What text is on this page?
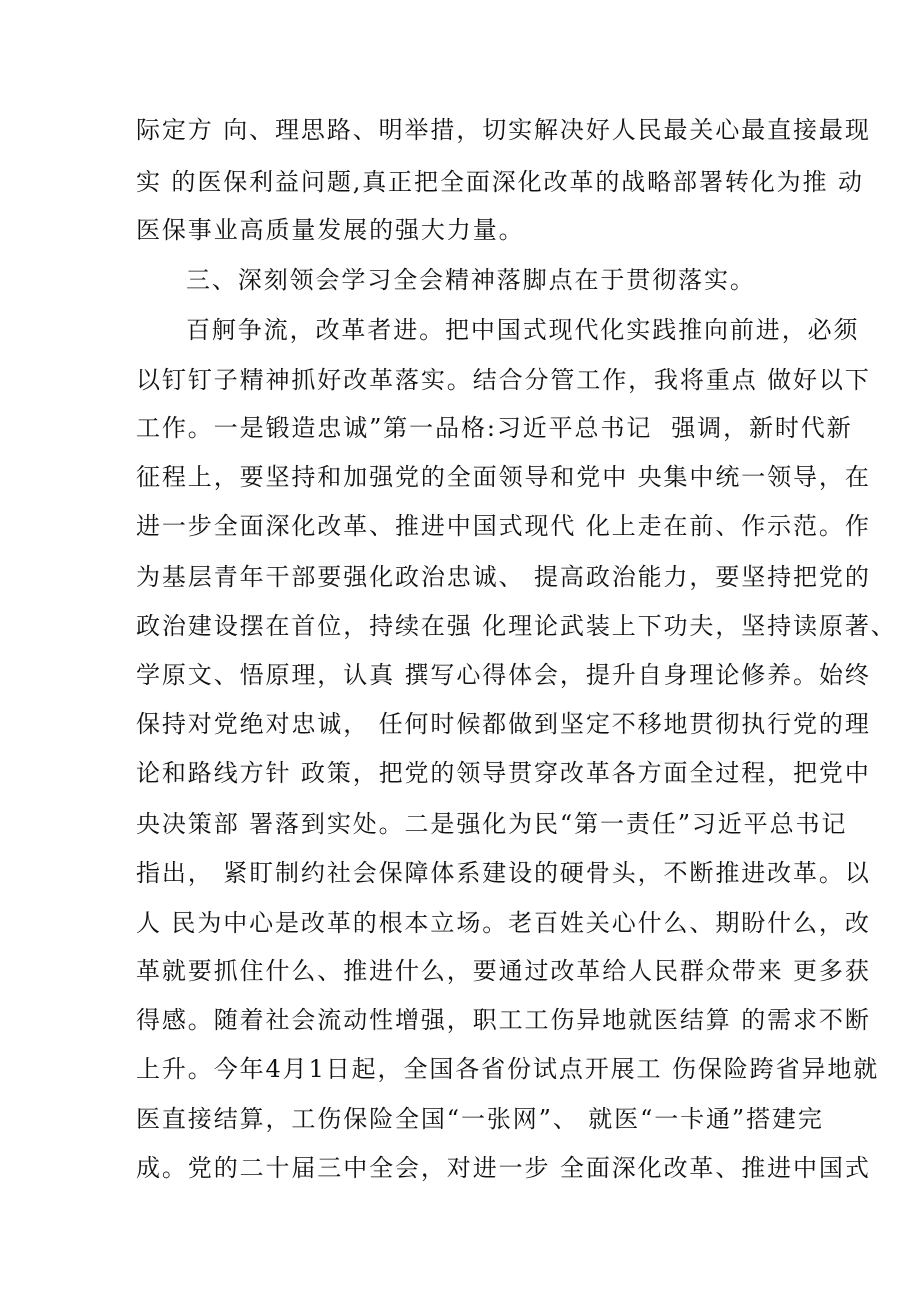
际定方 向、理思路、明举措，切实解决好人民最关心最直接最现
实 的医保利益问题,真正把全面深化改革的战略部署转化为推 动
医保事业高质量发展的强大力量。
三、深刻领会学习全会精神落脚点在于贯彻落实。
百舸争流，改革者进。把中国式现代化实践推向前进，必须
以钉钉子精神抓好改革落实。结合分管工作，我将重点 做好以下
工作。一是锻造忠诚”第一品格:习近平总书记  强调，新时代新
征程上，要坚持和加强党的全面领导和党中 央集中统一领导，在
进一步全面深化改革、推进中国式现代 化上走在前、作示范。作
为基层青年干部要强化政治忠诚、 提高政治能力，要坚持把党的
政治建设摆在首位，持续在强 化理论武装上下功夫，坚持读原著、
学原文、悟原理，认真 撰写心得体会，提升自身理论修养。始终
保持对党绝对忠诚， 任何时候都做到坚定不移地贯彻执行党的理
论和路线方针 政策，把党的领导贯穿改革各方面全过程，把党中
央决策部 署落到实处。二是强化为民“第一责任”习近平总书记
指出， 紧盯制约社会保障体系建设的硬骨头，不断推进改革。以
人 民为中心是改革的根本立场。老百姓关心什么、期盼什么，改
革就要抓住什么、推进什么，要通过改革给人民群众带来 更多获
得感。随着社会流动性增强，职工工伤异地就医结算 的需求不断
上升。今年4月1日起，全国各省份试点开展工 伤保险跨省异地就
医直接结算，工伤保险全国“一张网”、 就医“一卡通”搭建完
成。党的二十届三中全会，对进一步 全面深化改革、推进中国式
